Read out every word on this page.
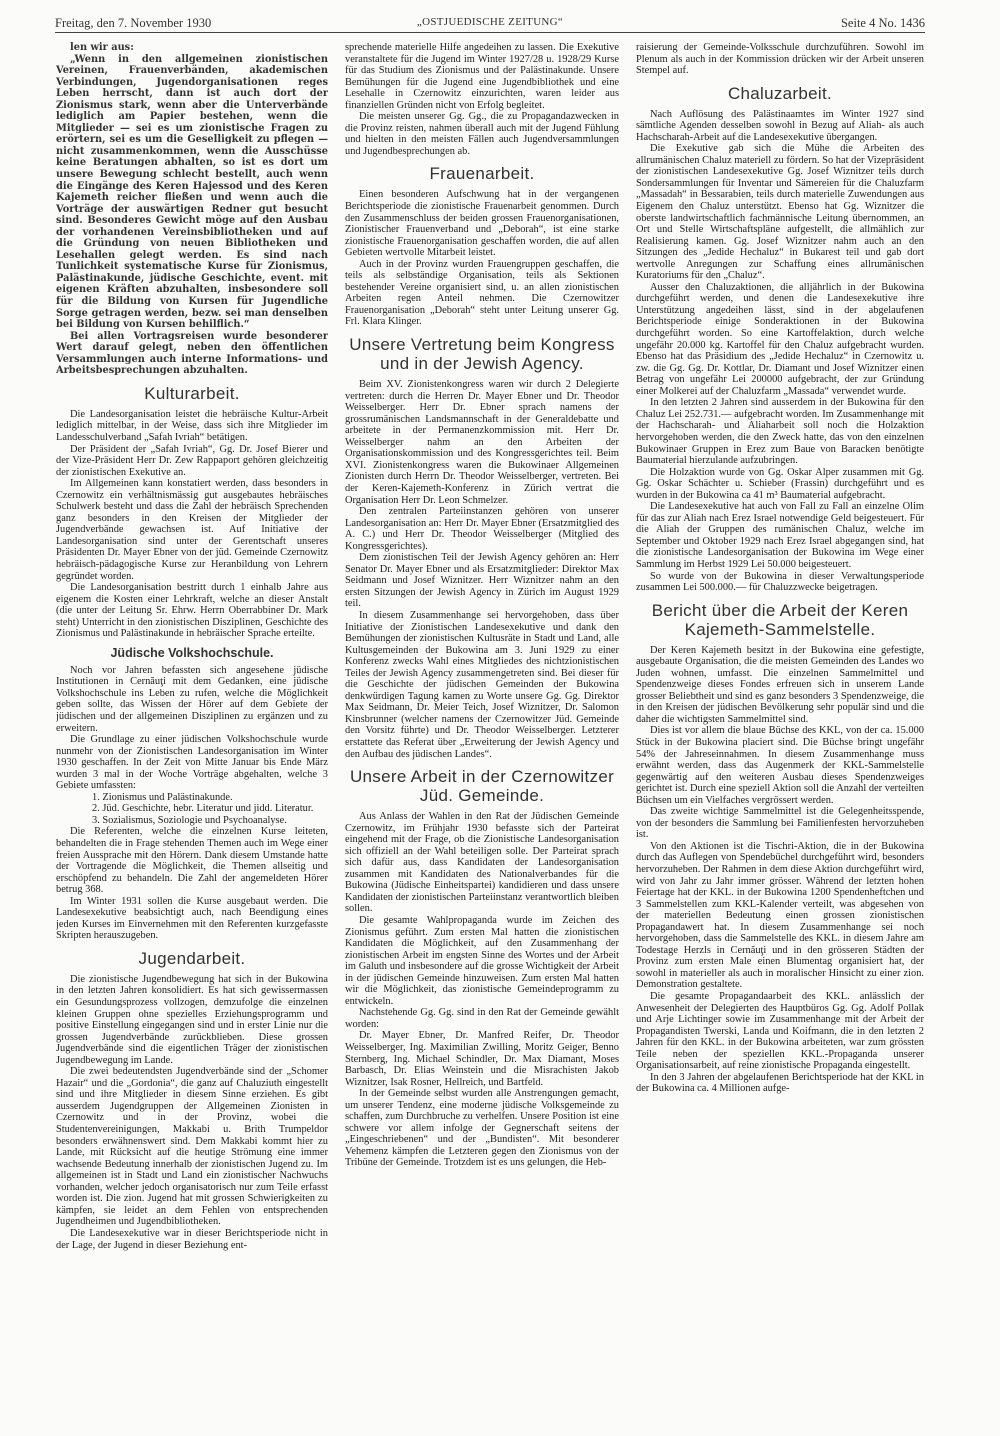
Freitag, den 7. November 1930	„OSTJUEDISCHE ZEITUNG“	Seite 4 No. 1436

len wir aus:

„Wenn in den allgemeinen zionistischen Vereinen, Frauenverbänden, akademischen Verbindungen, Jugendorganisationen reges Leben herrscht, dann ist auch dort der Zionismus stark, wenn aber die Unterverbände lediglich am Papier bestehen, wenn die Mitglieder — sei es um zionistische Fragen zu erörtern, sei es um die Geselligkeit zu pflegen — nicht zusammenkommen, wenn die Ausschüsse keine Beratungen abhalten, so ist es dort um unsere Bewegung schlecht bestellt, auch wenn die Eingänge des Keren Hajessod und des Keren Kajemeth reicher fließen und wenn auch die Vorträge der auswärtigen Redner gut besucht sind. Besonderes Gewicht möge auf den Ausbau der vorhandenen Vereinsbibliotheken und auf die Gründung von neuen Bibliotheken und Lesehallen gelegt werden. Es sind nach Tunlichkeit systematische Kurse für Zionismus, Palästinakunde, jüdische Geschichte, event. mit eigenen Kräften abzuhalten, insbesondere soll für die Bildung von Kursen für Jugendliche Sorge getragen werden, bezw. sei man denselben bei Bildung von Kursen behilflich.“

Bei allen Vortragsreisen wurde besonderer Wert darauf gelegt, neben den öffentlichen Versammlungen auch interne Informations- und Arbeitsbesprechungen abzuhalten.

Kulturarbeit.

Die Landesorganisation leistet die hebräische Kultur-Arbeit lediglich mittelbar, in der Weise, dass sich ihre Mitglieder im Landesschulverband „Safah Ivriah“ betätigen.

Der Präsident der „Safah Ivriah“, Gg. Dr. Josef Bierer und der Vize-Präsident Herr Dr. Zew Rappaport gehören gleichzeitig der zionistischen Exekutive an.

Im Allgemeinen kann konstatiert werden, dass besonders in Czernowitz ein verhältnismässig gut ausgebautes hebräisches Schulwerk besteht und dass die Zahl der hebräisch Sprechenden ganz besonders in den Kreisen der Mitglieder der Jugendverbände gewachsen ist. Auf Initiative der Landesorganisation sind unter der Gerentschaft unseres Präsidenten Dr. Mayer Ebner von der jüd. Gemeinde Czernowitz hebräisch-pädagogische Kurse zur Heranbildung von Lehrern gegründet worden.

Die Landesorganisation bestritt durch 1 einhalb Jahre aus eigenem die Kosten einer Lehrkraft, welche an dieser Anstalt (die unter der Leitung Sr. Ehrw. Herrn Oberrabbiner Dr. Mark steht) Unterricht in den zionistischen Disziplinen, Geschichte des Zionismus und Palästinakunde in hebräischer Sprache erteilte.

Jüdische Volkshochschule.

Noch vor Jahren befassten sich angesehene jüdische Institutionen in Cernăuţi mit dem Gedanken, eine jüdische Volkshochschule ins Leben zu rufen, welche die Möglichkeit geben sollte, das Wissen der Hörer auf dem Gebiete der jüdischen und der allgemeinen Disziplinen zu ergänzen und zu erweitern.

Die Grundlage zu einer jüdischen Volkshochschule wurde nunmehr von der Zionistischen Landesorganisation im Winter 1930 geschaffen. In der Zeit von Mitte Januar bis Ende März wurden 3 mal in der Woche Vorträge abgehalten, welche 3 Gebiete umfassten:

1. Zionismus und Palästinakunde.

2. Jüd. Geschichte, hebr. Literatur und jidd. Literatur.

3. Sozialismus, Soziologie und Psychoanalyse.

Die Referenten, welche die einzelnen Kurse leiteten, behandelten die in Frage stehenden Themen auch im Wege einer freien Aussprache mit den Hörern. Dank diesem Umstande hatte der Vortragende die Möglichkeit, die Themen allseitig und erschöpfend zu behandeln. Die Zahl der angemeldeten Hörer betrug 368.

Im Winter 1931 sollen die Kurse ausgebaut werden. Die Landesexekutive beabsichtigt auch, nach Beendigung eines jeden Kurses im Einvernehmen mit den Referenten kurzgefasste Skripten herauszugeben.

Jugendarbeit.

Die zionistische Jugendbewegung hat sich in der Bukowina in den letzten Jahren konsolidiert. Es hat sich gewissermassen ein Gesundungsprozess vollzogen, demzufolge die einzelnen kleinen Gruppen ohne spezielles Erziehungsprogramm und positive Einstellung eingegangen sind und in erster Linie nur die grossen Jugendverbände zurückblieben. Diese grossen Jugendverbände sind die eigentlichen Träger der zionistischen Jugendbewegung im Lande.

Die zwei bedeutendsten Jugendverbände sind der „Schomer Hazair“ und die „Gordonia“, die ganz auf Chaluziuth eingestellt sind und ihre Mitglieder in diesem Sinne erziehen. Es gibt ausserdem Jugendgruppen der Allgemeinen Zionisten in Czernowitz und in der Provinz, wobei die Studentenvereinigungen, Makkabi u. Brith Trumpeldor besonders erwähnenswert sind. Dem Makkabi kommt hier zu Lande, mit Rücksicht auf die heutige Strömung eine immer wachsende Bedeutung innerhalb der zionistischen Jugend zu. Im allgemeinen ist in Stadt und Land ein zionistischer Nachwuchs vorhanden, welcher jedoch organisatorisch nur zum Teile erfasst worden ist. Die zion. Jugend hat mit grossen Schwierigkeiten zu kämpfen, sie leidet an dem Fehlen von entsprechenden Jugendheimen und Jugendbibliotheken.

Die Landesexekutive war in dieser Berichtsperiode nicht in der Lage, der Jugend in dieser Beziehung ent-

sprechende materielle Hilfe angedeihen zu lassen. Die Exekutive veranstaltete für die Jugend im Winter 1927/28 u. 1928/29 Kurse für das Studium des Zionismus und der Palästinakunde. Unsere Bemühungen für die Jugend eine Jugendbibliothek und eine Lesehalle in Czernowitz einzurichten, waren leider aus finanziellen Gründen nicht von Erfolg begleitet.

Die meisten unserer Gg. Gg., die zu Propagandazwecken in die Provinz reisten, nahmen überall auch mit der Jugend Fühlung und hielten in den meisten Fällen auch Jugendversammlungen und Jugendbesprechungen ab.

Frauenarbeit.

Einen besonderen Aufschwung hat in der vergangenen Berichtsperiode die zionistische Frauenarbeit genommen. Durch den Zusammenschluss der beiden grossen Frauenorganisationen, Zionistischer Frauenverband und „Deborah“, ist eine starke zionistische Frauenorganisation geschaffen worden, die auf allen Gebieten wertvolle Mitarbeit leistet.

Auch in der Provinz wurden Frauengruppen geschaffen, die teils als selbständige Organisation, teils als Sektionen bestehender Vereine organisiert sind, u. an allen zionistischen Arbeiten regen Anteil nehmen. Die Czernowitzer Frauenorganisation „Deborah“ steht unter Leitung unserer Gg. Frl. Klara Klinger.

Unsere Vertretung beim Kongress und in der Jewish Agency.

Beim XV. Zionistenkongress waren wir durch 2 Delegierte vertreten: durch die Herren Dr. Mayer Ebner und Dr. Theodor Weisselberger. Herr Dr. Ebner sprach namens der grossrumänischen Landsmannschaft in der Generaldebatte und arbeitete in der Permanenzkommission mit. Herr Dr. Weisselberger nahm an den Arbeiten der Organisationskommission und des Kongressgerichtes teil. Beim XVI. Zionistenkongress waren die Bukowinaer Allgemeinen Zionisten durch Herrn Dr. Theodor Weisselberger, vertreten. Bei der Keren-Kajemeth-Konferenz in Zürich vertrat die Organisation Herr Dr. Leon Schmelzer.

Den zentralen Parteiinstanzen gehören von unserer Landesorganisation an: Herr Dr. Mayer Ebner (Ersatzmitglied des A. C.) und Herr Dr. Theodor Weisselberger (Mitglied des Kongressgerichtes).

Dem zionistischen Teil der Jewish Agency gehören an: Herr Senator Dr. Mayer Ebner und als Ersatzmitglieder: Direktor Max Seidmann und Josef Wiznitzer. Herr Wiznitzer nahm an den ersten Sitzungen der Jewish Agency in Zürich im August 1929 teil.

In diesem Zusammenhange sei hervorgehoben, dass über Initiative der Zionistischen Landesexekutive und dank den Bemühungen der zionistischen Kultusräte in Stadt und Land, alle Kultusgemeinden der Bukowina am 3. Juni 1929 zu einer Konferenz zwecks Wahl eines Mitgliedes des nichtzionistischen Teiles der Jewish Agency zusammengetreten sind. Bei dieser für die Geschichte der jüdischen Gemeinden der Bukowina denkwürdigen Tagung kamen zu Worte unsere Gg. Gg. Direktor Max Seidmann, Dr. Meier Teich, Josef Wiznitzer, Dr. Salomon Kinsbrunner (welcher namens der Czernowitzer Jüd. Gemeinde den Vorsitz führte) und Dr. Theodor Weisselberger. Letzterer erstattete das Referat über „Erweiterung der Jewish Agency und den Aufbau des jüdischen Landes“.

Unsere Arbeit in der Czernowitzer Jüd. Gemeinde.

Aus Anlass der Wahlen in den Rat der Jüdischen Gemeinde Czernowitz, im Frühjahr 1930 befasste sich der Parteirat eingehend mit der Frage, ob die Zionistische Landesorganisation sich offiziell an der Wahl beteiligen solle. Der Parteirat sprach sich dafür aus, dass Kandidaten der Landesorganisation zusammen mit Kandidaten des Nationalverbandes für die Bukowina (Jüdische Einheitspartei) kandidieren und dass unsere Kandidaten der zionistischen Parteiinstanz verantwortlich bleiben sollen.

Die gesamte Wahlpropaganda wurde im Zeichen des Zionismus geführt. Zum ersten Mal hatten die zionistischen Kandidaten die Möglichkeit, auf den Zusammenhang der zionistischen Arbeit im engsten Sinne des Wortes und der Arbeit im Galuth und insbesondere auf die grosse Wichtigkeit der Arbeit in der jüdischen Gemeinde hinzuweisen. Zum ersten Mal hatten wir die Möglichkeit, das zionistische Gemeindeprogramm zu entwickeln.

Nachstehende Gg. Gg. sind in den Rat der Gemeinde gewählt worden:

Dr. Mayer Ebner, Dr. Manfred Reifer, Dr. Theodor Weisselberger, Ing. Maximilian Zwilling, Moritz Geiger, Benno Sternberg, Ing. Michael Schindler, Dr. Max Diamant, Moses Barbasch, Dr. Elias Weinstein und die Misrachisten Jakob Wiznitzer, Isak Rosner, Hellreich, und Bartfeld.

In der Gemeinde selbst wurden alle Anstrengungen gemacht, um unserer Tendenz, eine moderne jüdische Volksgemeinde zu schaffen, zum Durchbruche zu verhelfen. Unsere Position ist eine schwere vor allem infolge der Gegnerschaft seitens der „Eingeschriebenen“ und der „Bundisten“. Mit besonderer Vehemenz kämpfen die Letzteren gegen den Zionismus von der Tribüne der Gemeinde. Trotzdem ist es uns gelungen, die Heb-

raisierung der Gemeinde-Volksschule durchzuführen. Sowohl im Plenum als auch in der Kommission drücken wir der Arbeit unseren Stempel auf.

Chaluzarbeit.

Nach Auflösung des Palästinaamtes im Winter 1927 sind sämtliche Agenden desselben sowohl in Bezug auf Aliah- als auch Hachscharah-Arbeit auf die Landesexekutive übergangen.

Die Exekutive gab sich die Mühe die Arbeiten des allrumänischen Chaluz materiell zu fördern. So hat der Vizepräsident der zionistischen Landesexekutive Gg. Josef Wiznitzer teils durch Sondersammlungen für Inventar und Sämereien für die Chaluzfarm „Massadah“ in Bessarabien, teils durch materielle Zuwendungen aus Eigenem den Chaluz unterstützt. Ebenso hat Gg. Wiznitzer die oberste landwirtschaftlich fachmännische Leitung übernommen, an Ort und Stelle Wirtschaftspläne aufgestellt, die allmählich zur Realisierung kamen. Gg. Josef Wiznitzer nahm auch an den Sitzungen des „Jedide Hechaluz“ in Bukarest teil und gab dort wertvolle Anregungen zur Schaffung eines allrumänischen Kuratoriums für den „Chaluz“.

Ausser den Chaluzaktionen, die alljährlich in der Bukowina durchgeführt werden, und denen die Landesexekutive ihre Unterstützung angedeihen lässt, sind in der abgelaufenen Berichtsperiode einige Sonderaktionen in der Bukowina durchgeführt worden. So eine Kartoffelaktion, durch welche ungefähr 20.000 kg. Kartoffel für den Chaluz aufgebracht wurden. Ebenso hat das Präsidium des „Jedide Hechaluz“ in Czernowitz u. zw. die Gg. Gg. Dr. Kottlar, Dr. Diamant und Josef Wiznitzer einen Betrag von ungefähr Lei 200000 aufgebracht, der zur Gründung einer Molkerei auf der Chaluzfarm „Massada“ verwendet wurde.

In den letzten 2 Jahren sind ausserdem in der Bukowina für den Chaluz Lei 252.731.— aufgebracht worden. Im Zusammenhange mit der Hachscharah- und Aliaharbeit soll noch die Holzaktion hervorgehoben werden, die den Zweck hatte, das von den einzelnen Bukowinaer Gruppen in Erez zum Baue von Baracken benötigte Baumaterial hierzulande aufzubringen.

Die Holzaktion wurde von Gg. Oskar Alper zusammen mit Gg. Gg. Oskar Schächter u. Schieber (Frassin) durchgeführt und es wurden in der Bukowina ca 41 m³ Baumaterial aufgebracht.

Die Landesexekutive hat auch von Fall zu Fall an einzelne Olim für das zur Aliah nach Erez Israel notwendige Geld beigesteuert. Für die Aliah der Gruppen des rumänischen Chaluz, welche im September und Oktober 1929 nach Erez Israel abgegangen sind, hat die zionistische Landesorganisation der Bukowina im Wege einer Sammlung im Herbst 1929 Lei 50.000 beigesteuert.

So wurde von der Bukowina in dieser Verwaltungsperiode zusammen Lei 500.000.— für Chaluzzwecke beigetragen.

Bericht über die Arbeit der Keren Kajemeth-Sammelstelle.

Der Keren Kajemeth besitzt in der Bukowina eine gefestigte, ausgebaute Organisation, die die meisten Gemeinden des Landes wo Juden wohnen, umfasst. Die einzelnen Sammelmittel und Spendenzweige dieses Fondes erfreuen sich in unserem Lande grosser Beliebtheit und sind es ganz besonders 3 Spendenzweige, die in den Kreisen der jüdischen Bevölkerung sehr populär sind und die daher die wichtigsten Sammelmittel sind.

Dies ist vor allem die blaue Büchse des KKL, von der ca. 15.000 Stück in der Bukowina placiert sind. Die Büchse bringt ungefähr 54% der Jahreseinnahmen. In diesem Zusammenhange muss erwähnt werden, dass das Augenmerk der KKL-Sammelstelle gegenwärtig auf den weiteren Ausbau dieses Spendenzweiges gerichtet ist. Durch eine speziell Aktion soll die Anzahl der verteilten Büchsen um ein Vielfaches vergrössert werden.

Das zweite wichtige Sammelmittel ist die Gelegenheitsspende, von der besonders die Sammlung bei Familienfesten hervorzuheben ist.

Von den Aktionen ist die Tischri-Aktion, die in der Bukowina durch das Auflegen von Spendebüchel durchgeführt wird, besonders hervorzuheben. Der Rahmen in dem diese Aktion durchgeführt wird, wird von Jahr zu Jahr immer grösser. Während der letzten hohen Feiertage hat der KKL. in der Bukowina 1200 Spendenheftchen und 3 Sammelstellen zum KKL-Kalender verteilt, was abgesehen von der materiellen Bedeutung einen grossen zionistischen Propagandawert hat. In diesem Zusammenhange sei noch hervorgehoben, dass die Sammelstelle des KKL. in diesem Jahre am Todestage Herzls in Cernăuţi und in den grösseren Städten der Provinz zum ersten Male einen Blumentag organisiert hat, der sowohl in materieller als auch in moralischer Hinsicht zu einer zion. Demonstration gestaltete.

Die gesamte Propagandaarbeit des KKL. anlässlich der Anwesenheit der Delegierten des Hauptbüros Gg. Gg. Adolf Pollak und Arje Lichtinger sowie im Zusammenhange mit der Arbeit der Propagandisten Twerski, Landa und Koifmann, die in den letzten 2 Jahren für den KKL. in der Bukowina arbeiteten, war zum grössten Teile neben der speziellen KKL.-Propaganda unserer Organisationsarbeit, auf reine zionistische Propaganda eingestellt.

In den 3 Jahren der abgelaufenen Berichtsperiode hat der KKL in der Bukowina ca. 4 Millionen aufge-
